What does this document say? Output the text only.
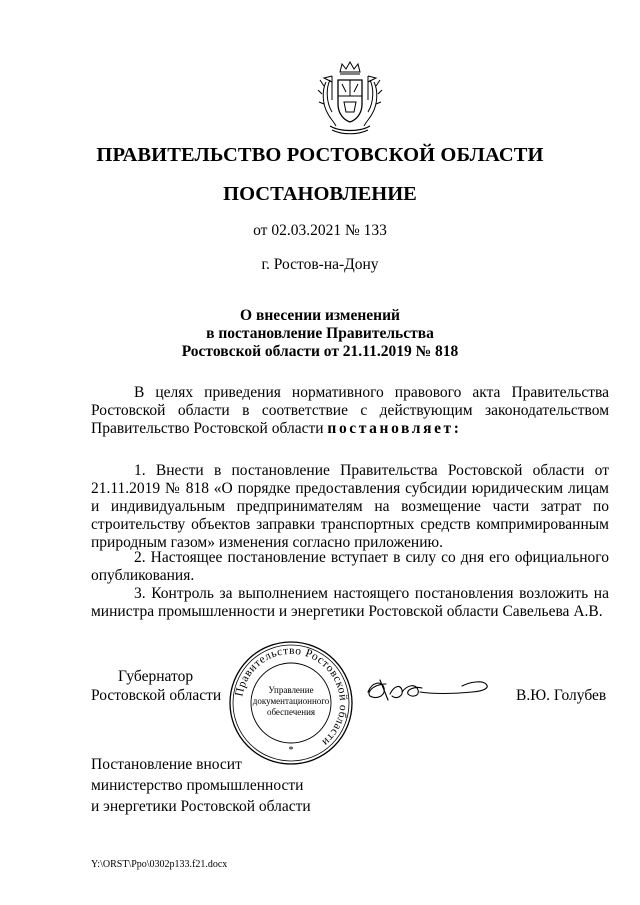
ПРАВИТЕЛЬСТВО РОСТОВСКОЙ ОБЛАСТИ
ПОСТАНОВЛЕНИЕ
от 02.03.2021 № 133
г. Ростов-на-Дону
О внесении изменений
в постановление Правительства
Ростовской области от 21.11.2019 № 818
В целях приведения нормативного правового акта Правительства Ростовской области в соответствие с действующим законодательством Правительство Ростовской области постановляет:
1. Внести в постановление Правительства Ростовской области от 21.11.2019 № 818 «О порядке предоставления субсидии юридическим лицам и индивидуальным предпринимателям на возмещение части затрат по строительству объектов заправки транспортных средств компримированным природным газом» изменения согласно приложению.
2. Настоящее постановление вступает в силу со дня его официального опубликования.
3. Контроль за выполнением настоящего постановления возложить на министра промышленности и энергетики Ростовской области Савельева А.В.
Губернатор
Ростовской области Правительство Ростовской области
Управление
документационного
обеспечения
*
В.Ю. Голубев
Постановление вносит
министерство промышленности
и энергетики Ростовской области
Y:\ORST\Ppo\0302p133.f21.docx
